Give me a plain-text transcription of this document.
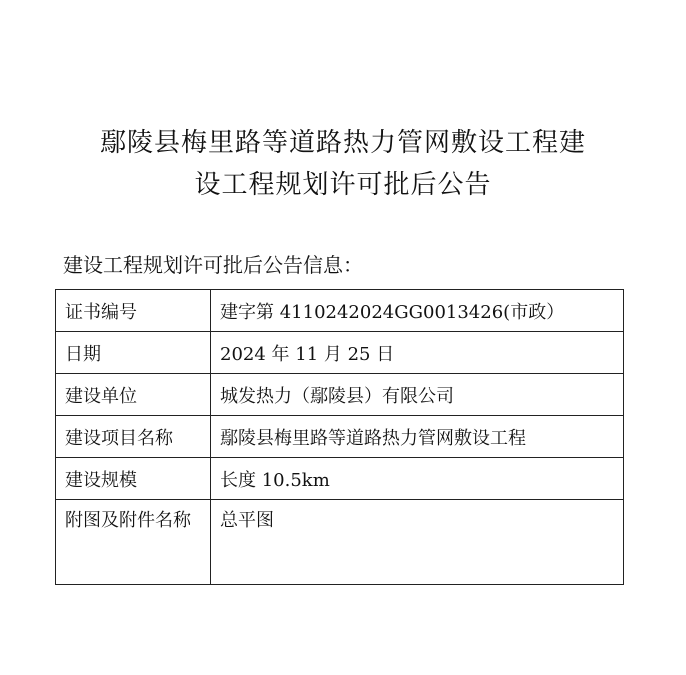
鄢陵县梅里路等道路热力管网敷设工程建
设工程规划许可批后公告
建设工程规划许可批后公告信息：
证书编号	建字第 4110242024GG0013426(市政）
日期	2024 年 11 月 25 日
建设单位	城发热力（鄢陵县）有限公司
建设项目名称	鄢陵县梅里路等道路热力管网敷设工程
建设规模	长度 10.5km
附图及附件名称	总平图
